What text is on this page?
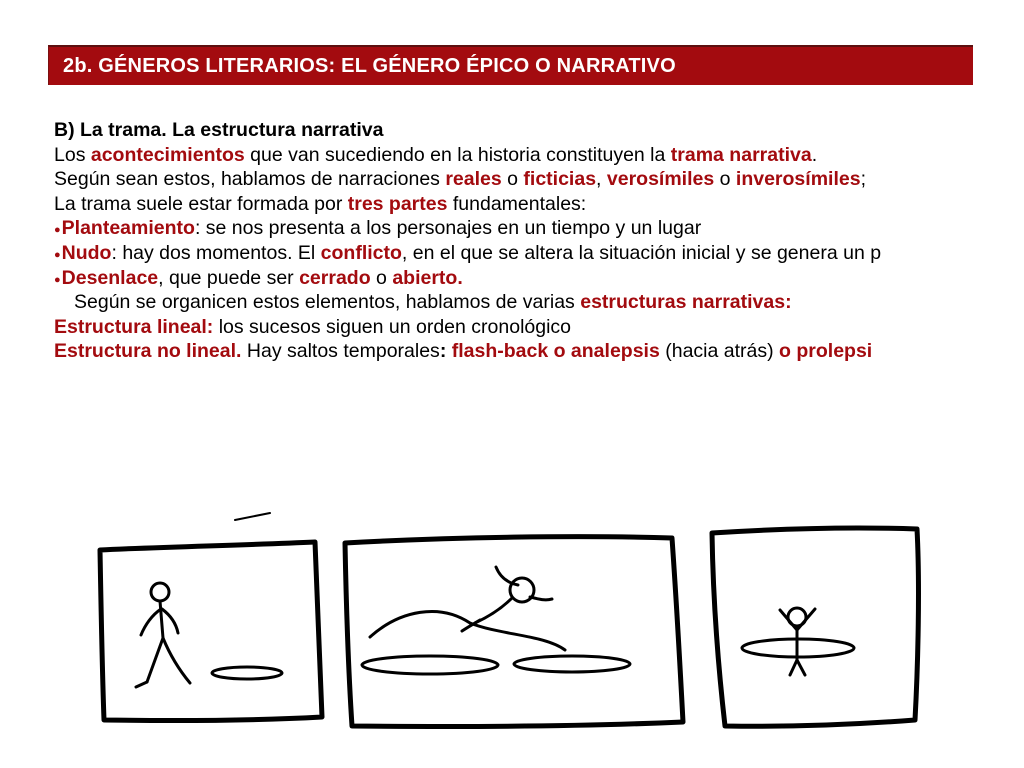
2b. GÉNEROS LITERARIOS: EL GÉNERO ÉPICO O NARRATIVO
B) La trama. La estructura narrativa
Los acontecimientos que van sucediendo en la historia constituyen la trama narrativa.
Según sean estos, hablamos de narraciones reales o ficticias, verosímiles o inverosímiles;
La trama suele estar formada por tres partes fundamentales:
●Planteamiento: se nos presenta a los personajes en un tiempo y un lugar
●Nudo: hay dos momentos. El conflicto, en el que se altera la situación inicial y se genera un p
●Desenlace, que puede ser cerrado o abierto.
Según se organicen estos elementos, hablamos de varias estructuras narrativas:
Estructura lineal: los sucesos siguen un orden cronológico
Estructura no lineal. Hay saltos temporales: flash-back o analepsis (hacia atrás) o prolepsi
